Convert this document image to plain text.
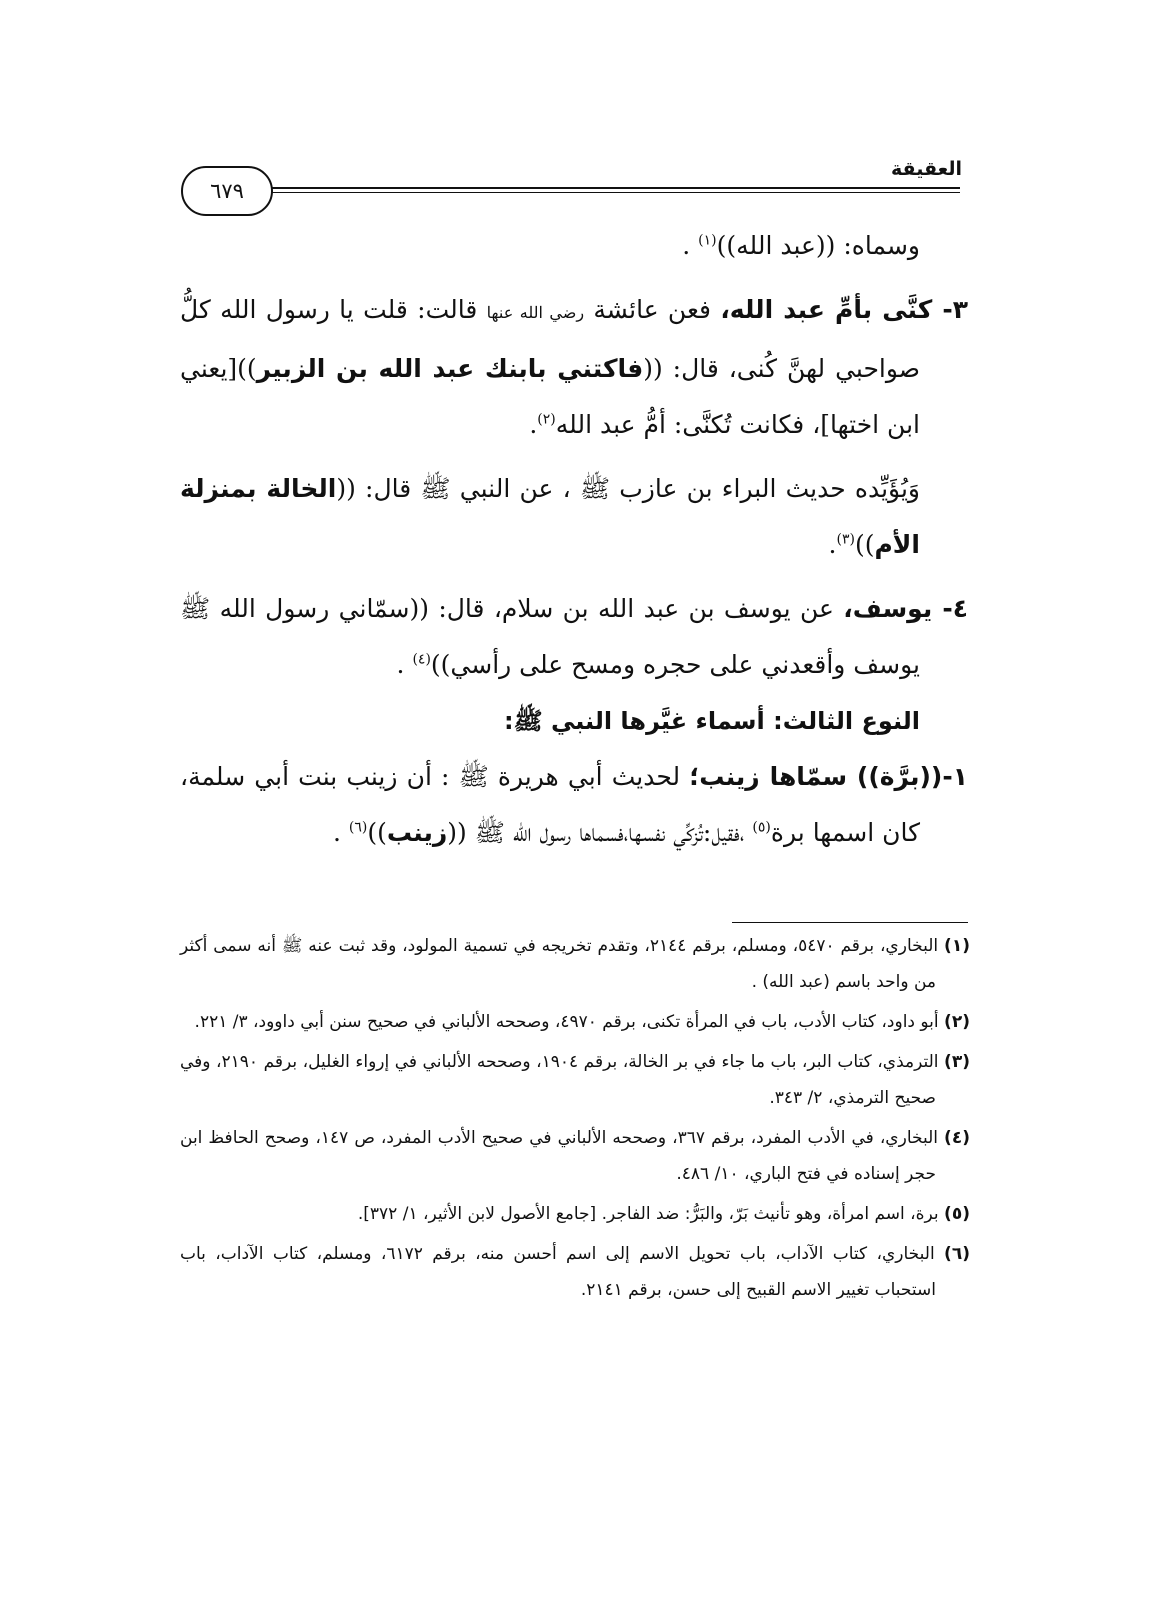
العقيقة
٦٧٩

وسماه: ((عبد الله))$^{(١)}$ .

٣- كنَّى بأمِّ عبد الله، فعن عائشة رضي الله عنها قالت: قلت يا رسول الله كلُّ صواحبي لهنَّ كُنى، قال: ((فاكتني بابنك عبد الله بن الزبير))[يعني ابن اختها]، فكانت تُكنَّى: أمُّ عبد الله$^{(٢)}$.

وَيُؤَيِّده حديث البراء بن عازب ﷺ ، عن النبي ﷺ قال: ((الخالة بمنزلة الأم))$^{(٣)}$.

٤- يوسف، عن يوسف بن عبد الله بن سلام، قال: ((سمّاني رسول الله ﷺ يوسف وأقعدني على حجره ومسح على رأسي))$^{(٤)}$ .

النوع الثالث: أسماء غيَّرها النبي ﷺ:

١-((برَّة)) سمّاها زينب؛ لحديث أبي هريرة ﷺ : أن زينب بنت أبي سلمة، كان اسمها برة$^{(٥)}$ ،فقيل:تُزكِّي نفسها،فسماها رسول الله ﷺ ((زينب))$^{(٦)}$ .

(١) البخاري، برقم ٥٤٧٠، ومسلم، برقم ٢١٤٤، وتقدم تخريجه في تسمية المولود، وقد ثبت عنه ﷺ أنه سمى أكثر من واحد باسم (عبد الله) .

(٢) أبو داود، كتاب الأدب، باب في المرأة تكنى، برقم ٤٩٧٠، وصححه الألباني في صحيح سنن أبي داوود، ٣/ ٢٢١.

(٣) الترمذي، كتاب البر، باب ما جاء في بر الخالة، برقم ١٩٠٤، وصححه الألباني في إرواء الغليل، برقم ٢١٩٠، وفي صحيح الترمذي، ٢/ ٣٤٣.

(٤) البخاري، في الأدب المفرد، برقم ٣٦٧، وصححه الألباني في صحيح الأدب المفرد، ص ١٤٧، وصحح الحافظ ابن حجر إسناده في فتح الباري، ١٠/ ٤٨٦.

(٥) برة، اسم امرأة، وهو تأنيث بَرّ، والبَرُّ: ضد الفاجر. [جامع الأصول لابن الأثير، ١/ ٣٧٢].

(٦) البخاري، كتاب الآداب، باب تحويل الاسم إلى اسم أحسن منه، برقم ٦١٧٢، ومسلم، كتاب الآداب، باب استحباب تغيير الاسم القبيح إلى حسن، برقم ٢١٤١.
